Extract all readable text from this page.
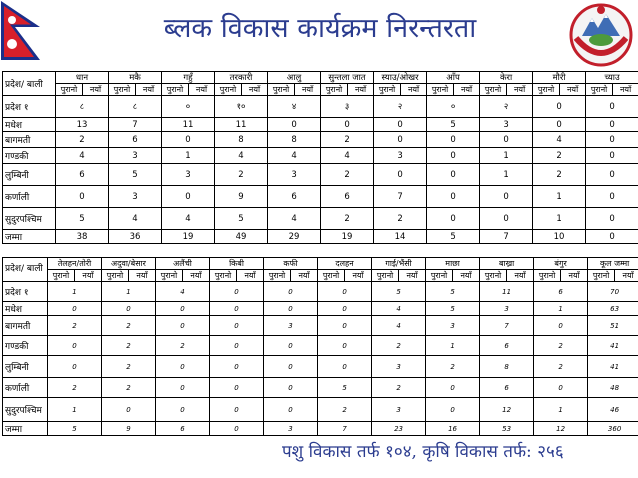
ब्लक विकास कार्यक्रम निरन्तरता
प्रदेश/ बाली	धान		मकै		गहुँ		तरकारी		आलु		सुन्तला जात		स्याउ/ओखर		आँप		केरा		मौरी		च्याउ	
	पुरानो	नयाँ	पुरानो	नयाँ	पुरानो	नयाँ	पुरानो	नयाँ	पुरानो	नयाँ	पुरानो	नयाँ	पुरानो	नयाँ	पुरानो	नयाँ	पुरानो	नयाँ	पुरानो	नयाँ	पुरानो	नयाँ
प्रदेश १	८		८		०		१०		४		३		२		०		२		0		0	
मधेश	13		7		11		11		0		0		0		5		3		0		0	
बागमती	2		6		0		8		8		2		0		0		0		4		0	
गण्डकी	4		3		1		4		4		4		3		0		1		2		0	
लुम्बिनी	6		5		3		2		3		2		0		0		1		2		0	
कर्णाली	0		3		0		9		6		6		7		0		0		1		0	
सुदुरपश्चिम	5		4		4		5		4		2		2		0		0		1		0	
जम्मा	38		36		19		49		29		19		14		5		7		10		0	
प्रदेश/ बाली	तेलहन/तोरी		अदुवा/बेसार		अलैंची		किबी		कफी		दलहन		गाई/भैंसी		माछा		बाख्रा		बंगुर		कूल जम्मा	
	पुरानो	नयाँ	पुरानो	नयाँ	पुरानो	नयाँ	पुरानो	नयाँ	पुरानो	नयाँ	पुरानो	नयाँ	पुरानो	नयाँ	पुरानो	नयाँ	पुरानो	नयाँ	पुरानो	नयाँ	पुरानो	नयाँ
प्रदेश १	1		1		4		0		0		0		5		5		11		6		70	
मधेश	0		0		0		0		0		0		4		5		3		1		63	
बागमती	2		2		0		0		3		0		4		3		7		0		51	
गण्डकी	0		2		2		0		0		0		2		1		6		2		41	
लुम्बिनी	0		2		0		0		0		0		3		2		8		2		41	
कर्णाली	2		2		0		0		0		5		2		0		6		0		48	
सुदुरपश्चिम	1		0		0		0		0		2		3		0		12		1		46	
जम्मा	5		9		6		0		3		7		23		16		53		12		360	
पशु विकास तर्फ १०४, कृषि विकास तर्फ: २५६
